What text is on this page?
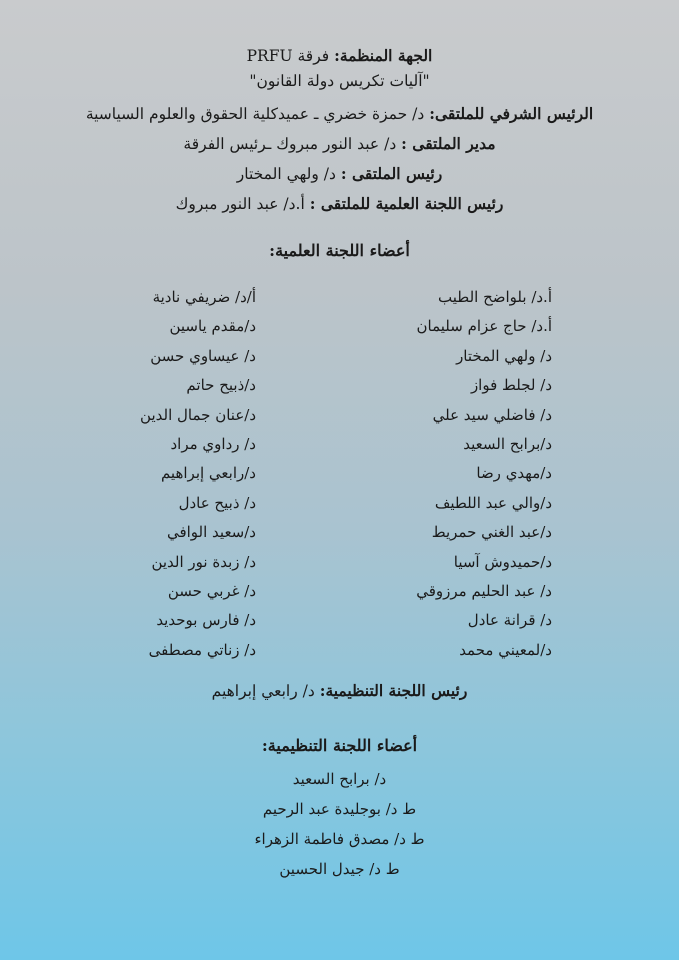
الجهة المنظمة: فرقة PRFU
"آليات تكريس دولة القانون"
الرئيس الشرفي للملتقى: د/ حمزة خضري ـ عميدكلية الحقوق والعلوم السياسية
مدير الملتقى : د/ عبد النور مبروك ـرئيس الفرقة
رئيس الملتقى : د/ ولهي المختار
رئيس اللجنة العلمية للملتقى : أ.د/ عبد النور مبروك
أعضاء اللجنة العلمية:
أ.د/ بلواضح الطيب
أ.د/ حاج عزام سليمان
د/ ولهي المختار
د/ لجلط فواز
د/ فاضلي سيد علي
د/برابح السعيد
د/مهدي رضا
د/والي عبد اللطيف
د/عبد الغني حمريط
د/حميدوش آسيا
د/ عبد الحليم مرزوقي
د/ قرانة عادل
د/لمعيني محمد
أ/د/ ضريفي نادية
د/مقدم ياسين
د/ عيساوي حسن
د/ذبيح حاتم
د/عنان جمال الدين
د/ رداوي مراد
د/رابعي إبراهيم
د/ ذبيح عادل
د/سعيد الوافي
د/ زبدة نور الدين
د/ غربي حسن
د/ فارس بوحديد
د/ زناتي مصطفى
رئيس اللجنة التنظيمية: د/ رابعي إبراهيم
أعضاء اللجنة التنظيمية:
د/ برابح السعيد
ط د/ بوجليدة عبد الرحيم
ط د/ مصدق فاطمة الزهراء
ط د/ جيدل الحسين
